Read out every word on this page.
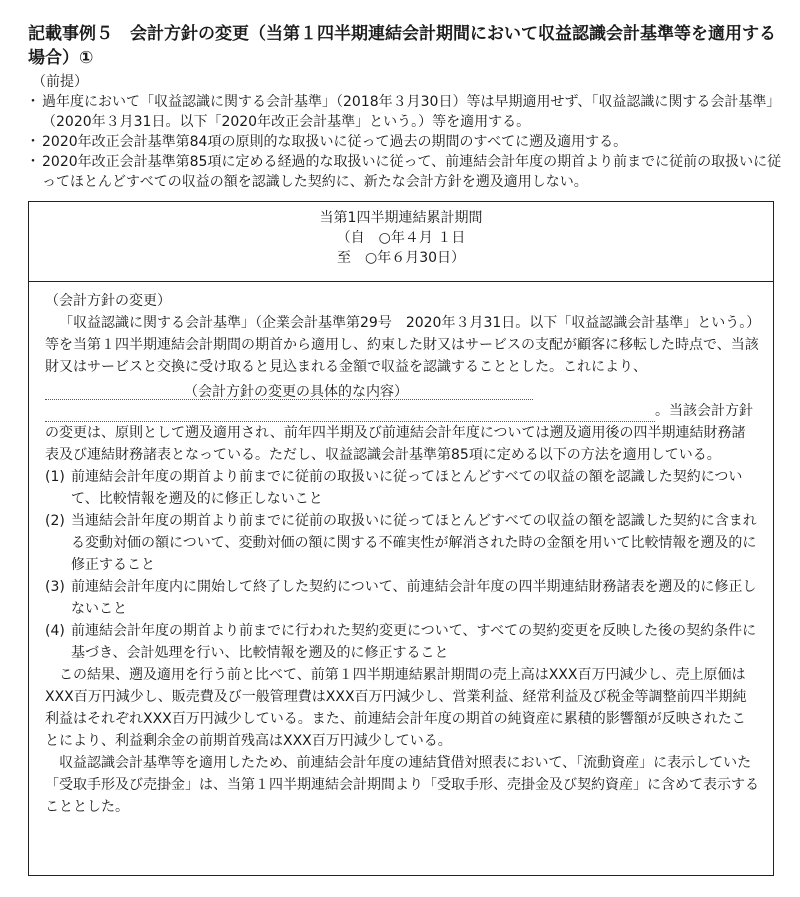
記載事例５　会計方針の変更（当第１四半期連結会計期間において収益認識会計基準等を適用する場合）①
（前提）
・ 過年度において「収益認識に関する会計基準」（2018年３月30日）等は早期適用せず、「収益認識に関する会計基準」（2020年３月31日。以下「2020年改正会計基準」という。）等を適用する。
・ 2020年改正会計基準第84項の原則的な取扱いに従って過去の期間のすべてに遡及適用する。
・ 2020年改正会計基準第85項に定める経過的な取扱いに従って、前連結会計年度の期首より前までに従前の取扱いに従ってほとんどすべての収益の額を認識した契約に、新たな会計方針を遡及適用しない。
当第1四半期連結累計期間
（自　○年４月 １日
至　○年６月30日）

（会計方針の変更）

「収益認識に関する会計基準」（企業会計基準第29号　2020年３月31日。以下「収益認識会計基準」という。）等を当第１四半期連結会計期間の期首から適用し、約束した財又はサービスの支配が顧客に移転した時点で、当該財又はサービスと交換に受け取ると見込まれる金額で収益を認識することとした。これにより、
（会計方針の変更の具体的な内容）

。当該会計方針の変更は、原則として遡及適用され、前年四半期及び前連結会計年度については遡及適用後の四半期連結財務諸表及び連結財務諸表となっている。ただし、収益認識会計基準第85項に定める以下の方法を適用している。

(1) 前連結会計年度の期首より前までに従前の取扱いに従ってほとんどすべての収益の額を認識した契約について、比較情報を遡及的に修正しないこと
(2) 当連結会計年度の期首より前までに従前の取扱いに従ってほとんどすべての収益の額を認識した契約に含まれる変動対価の額について、変動対価の額に関する不確実性が解消された時の金額を用いて比較情報を遡及的に修正すること
(3) 前連結会計年度内に開始して終了した契約について、前連結会計年度の四半期連結財務諸表を遡及的に修正しないこと
(4) 前連結会計年度の期首より前までに行われた契約変更について、すべての契約変更を反映した後の契約条件に基づき、会計処理を行い、比較情報を遡及的に修正すること

この結果、遡及適用を行う前と比べて、前第１四半期連結累計期間の売上高はXXX百万円減少し、売上原価はXXX百万円減少し、販売費及び一般管理費はXXX百万円減少し、営業利益、経常利益及び税金等調整前四半期純利益はそれぞれXXX百万円減少している。また、前連結会計年度の期首の純資産に累積的影響額が反映されたことにより、利益剰余金の前期首残高はXXX百万円減少している。

収益認識会計基準等を適用したため、前連結会計年度の連結貸借対照表において、「流動資産」に表示していた「受取手形及び売掛金」は、当第１四半期連結会計期間より「受取手形、売掛金及び契約資産」に含めて表示することとした。
